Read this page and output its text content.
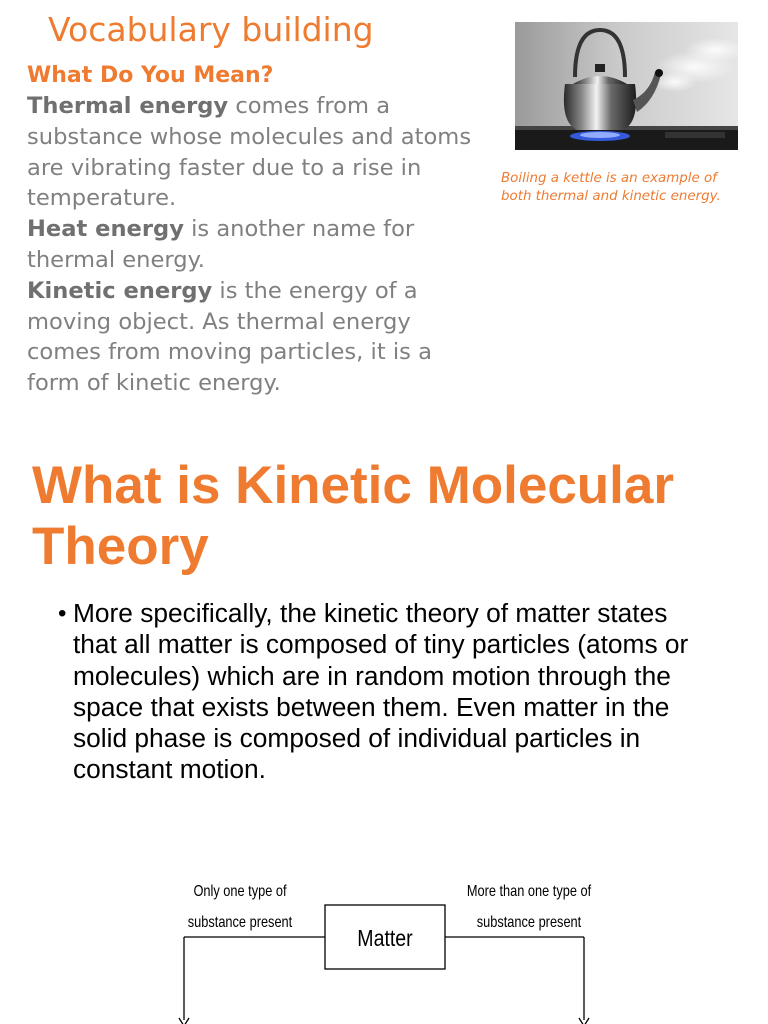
Vocabulary building
What Do You Mean?

Thermal energy comes from a substance whose molecules and atoms are vibrating faster due to a rise in temperature.

Heat energy is another name for thermal energy.

Kinetic energy is the energy of a moving object. As thermal energy comes from moving particles, it is a form of kinetic energy.

Boiling a kettle is an example of both thermal and kinetic energy.
What is Kinetic Molecular Theory
• More specifically, the kinetic theory of matter states that all matter is composed of tiny particles (atoms or molecules) which are in random motion through the space that exists between them. Even matter in the solid phase is composed of individual particles in constant motion.
Matter
Only one type of
substance present
More than one type of
substance present
